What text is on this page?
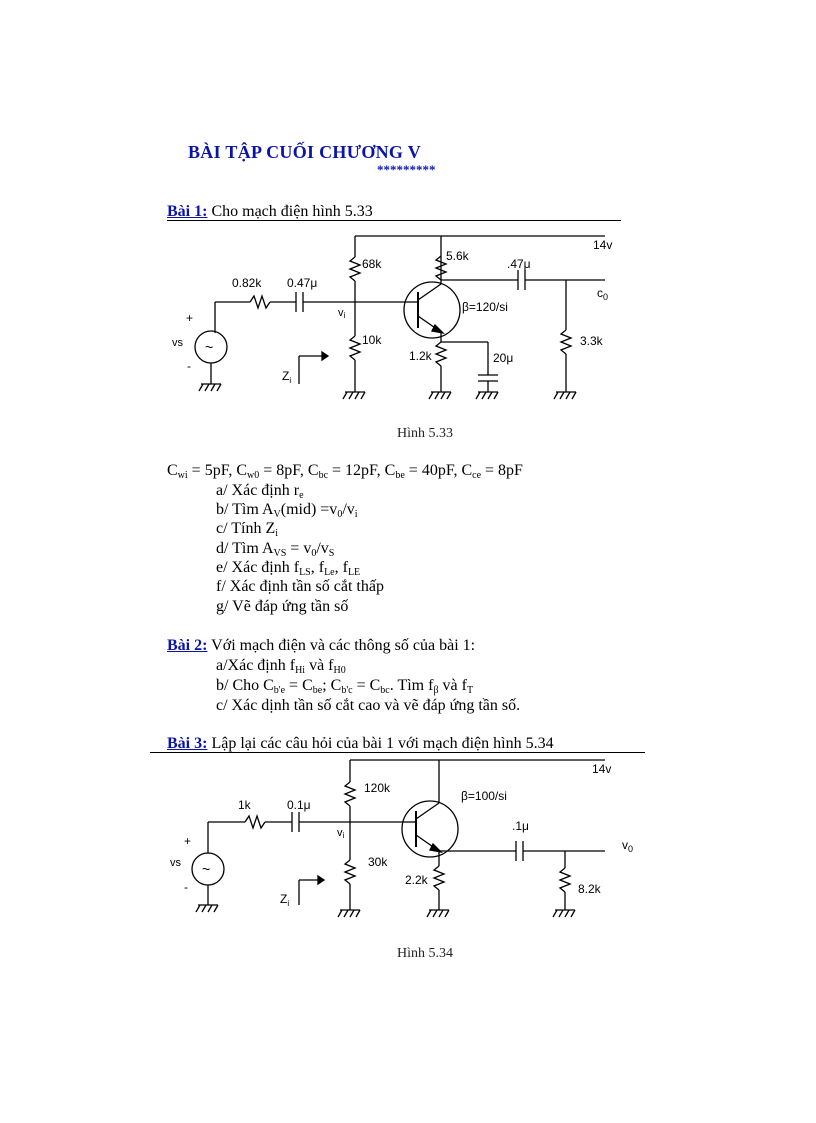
BÀI TẬP CUỐI CHƯƠNG V
*********
Bài 1: Cho mạch điện hình 5.33
14v
0.82k 0.47μ
68k
5.6k
.47μ
$c_0$
β=120/si
vi
10k
1.2k	20μ
3.3k
vs
+
-
~
$Z_i$
Hình 5.33
$C_{wi} = 5pF$, $C_{w0} = 8pF$, $C_{bc} = 12pF$, $C_{be} = 40pF$, $C_{ce} = 8pF$
a/ Xác định $r_e$
b/ Tìm $A_V(mid) =v_0/v_i$
c/ Tính $Z_i$
d/ Tìm $A_{VS} = v_0/v_S$
e/ Xác định $f_{LS}$, $f_{Le}$, $f_{LE}$
f/ Xác định tần số cắt thấp
g/ Vẽ đáp ứng tần số
Bài 2: Với mạch điện và các thông số của bài 1:
a/Xác định $f_{Hi}$ và $f_{H0}$
b/ Cho $C_{b'e} = C_{be}$; $C_{b'c} = C_{bc}$. Tìm $f_\beta$ và $f_T$
c/ Xác dịnh tần số cắt cao và vẽ đáp ứng tần số.
Bài 3: Lập lại các câu hỏi của bài 1 với mạch điện hình 5.34
14v
1k	0.1μ
120k
β=100/si
.1μ
$v_0$
vi
30k
2.2k
8.2k
vs
+
-
~
$Z_i$
Hình 5.34
